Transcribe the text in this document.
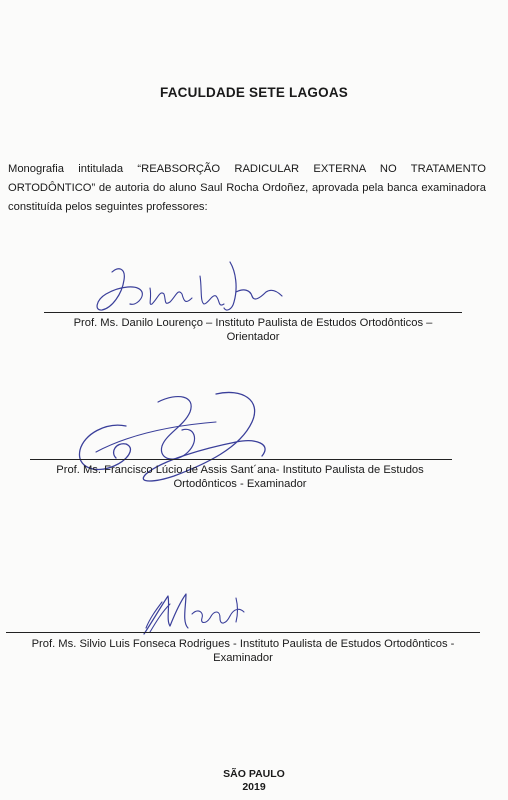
FACULDADE SETE LAGOAS
Monografia intitulada “REABSORÇÃO RADICULAR EXTERNA NO TRATAMENTO ORTODÔNTICO” de autoria do aluno Saul Rocha Ordoñez, aprovada pela banca examinadora constituída pelos seguintes professores:
Prof. Ms. Danilo Lourenço – Instituto Paulista de Estudos Ortodônticos –
Orientador
Prof. Ms. Francisco Lúcio de Assis Sant´ana- Instituto Paulista de Estudos
Ortodônticos - Examinador
Prof. Ms. Silvio Luis Fonseca Rodrigues - Instituto Paulista de Estudos Ortodônticos -
Examinador
SÃO PAULO
2019
